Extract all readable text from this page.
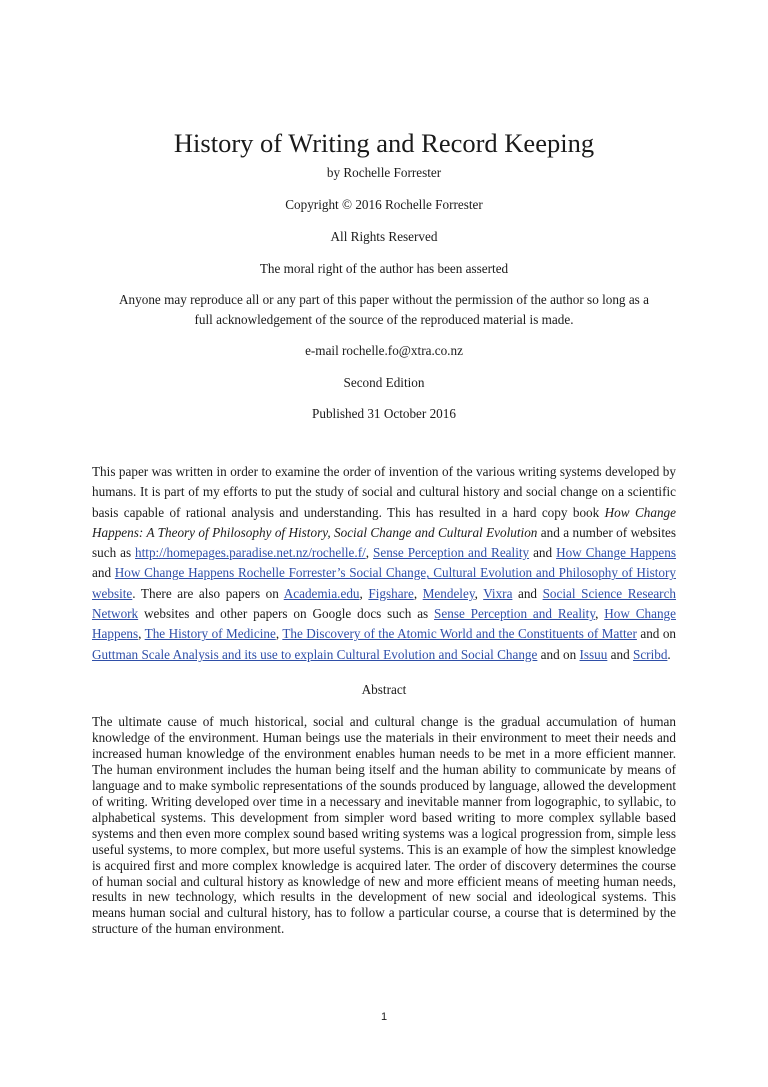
History of Writing and Record Keeping
by Rochelle Forrester
Copyright © 2016 Rochelle Forrester
All Rights Reserved
The moral right of the author has been asserted
Anyone may reproduce all or any part of this paper without the permission of the author so long as a
full acknowledgement of the source of the reproduced material is made.
e-mail rochelle.fo@xtra.co.nz
Second Edition
Published 31 October 2016
This paper was written in order to examine the order of invention of the various writing systems developed by humans. It is part of my efforts to put the study of social and cultural history and social change on a scientific basis capable of rational analysis and understanding. This has resulted in a hard copy book How Change Happens: A Theory of Philosophy of History, Social Change and Cultural Evolution and a number of websites such as http://homepages.paradise.net.nz/rochelle.f/, Sense Perception and Reality and How Change Happens and How Change Happens Rochelle Forrester’s Social Change, Cultural Evolution and Philosophy of History website. There are also papers on Academia.edu, Figshare, Mendeley, Vixra and Social Science Research Network websites and other papers on Google docs such as Sense Perception and Reality, How Change Happens, The History of Medicine, The Discovery of the Atomic World and the Constituents of Matter and on Guttman Scale Analysis and its use to explain Cultural Evolution and Social Change and on Issuu and Scribd.
Abstract
The ultimate cause of much historical, social and cultural change is the gradual accumulation of human knowledge of the environment. Human beings use the materials in their environment to meet their needs and increased human knowledge of the environment enables human needs to be met in a more efficient manner. The human environment includes the human being itself and the human ability to communicate by means of language and to make symbolic representations of the sounds produced by language, allowed the development of writing. Writing developed over time in a necessary and inevitable manner from logographic, to syllabic, to alphabetical systems. This development from simpler word based writing to more complex syllable based systems and then even more complex sound based writing systems was a logical progression from, simple less useful systems, to more complex, but more useful systems. This is an example of how the simplest knowledge is acquired first and more complex knowledge is acquired later. The order of discovery determines the course of human social and cultural history as knowledge of new and more efficient means of meeting human needs, results in new technology, which results in the development of new social and ideological systems. This means human social and cultural history, has to follow a particular course, a course that is determined by the structure of the human environment.
1
